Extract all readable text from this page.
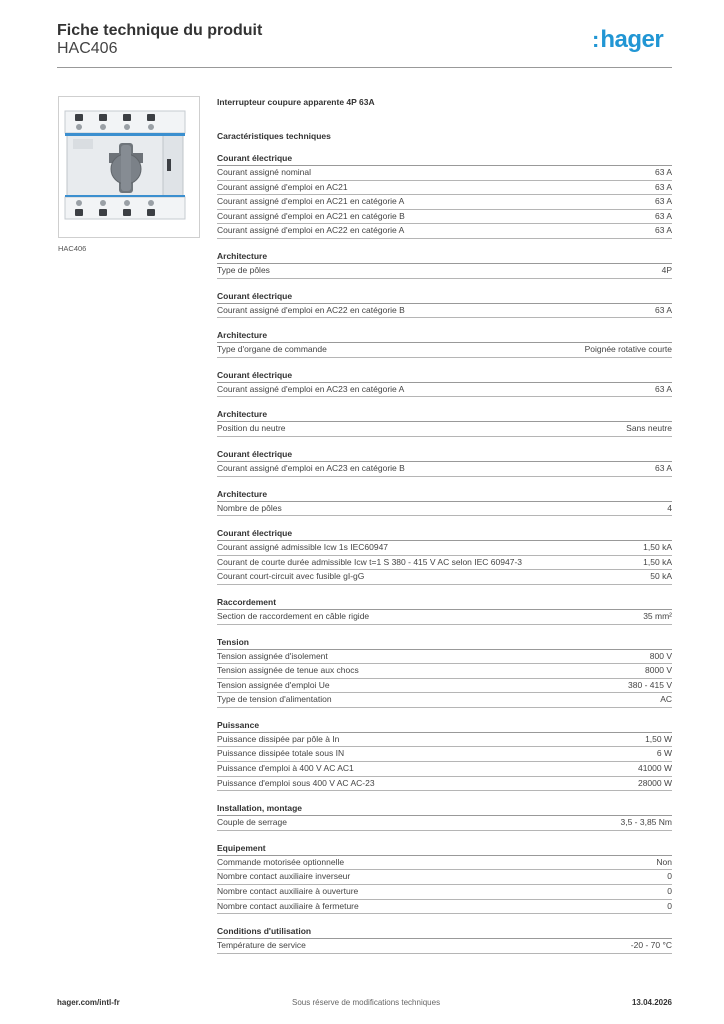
Fiche technique du produit
HAC406	:hager
HAC406
Interrupteur coupure apparente 4P 63A
Caractéristiques techniques
Courant électrique
Courant assigné nominal	63 A
Courant assigné d'emploi en AC21	63 A
Courant assigné d'emploi en AC21 en catégorie A	63 A
Courant assigné d'emploi en AC21 en catégorie B	63 A
Courant assigné d'emploi en AC22 en catégorie A	63 A
Architecture
Type de pôles	4P
Courant électrique
Courant assigné d'emploi en AC22 en catégorie B	63 A
Architecture
Type d'organe de commande	Poignée rotative courte
Courant électrique
Courant assigné d'emploi en AC23 en catégorie A	63 A
Architecture
Position du neutre	Sans neutre
Courant électrique
Courant assigné d'emploi en AC23 en catégorie B	63 A
Architecture
Nombre de pôles	4
Courant électrique
Courant assigné admissible Icw 1s IEC60947	1,50 kA
Courant de courte durée admissible Icw t=1 S 380 - 415 V AC selon IEC 60947-3	1,50 kA
Courant court-circuit avec fusible gI-gG	50 kA
Raccordement
Section de raccordement en câble rigide	35 mm²
Tension
Tension assignée d'isolement	800 V
Tension assignée de tenue aux chocs	8000 V
Tension assignée d'emploi Ue	380 - 415 V
Type de tension d'alimentation	AC
Puissance
Puissance dissipée par pôle à In	1,50 W
Puissance dissipée totale sous IN	6 W
Puissance d'emploi à 400 V AC AC1	41000 W
Puissance d'emploi sous 400 V AC AC-23	28000 W
Installation, montage
Couple de serrage	3,5 - 3,85 Nm
Equipement
Commande motorisée optionnelle	Non
Nombre contact auxiliaire inverseur	0
Nombre contact auxiliaire à ouverture	0
Nombre contact auxiliaire à fermeture	0
Conditions d'utilisation
Température de service	-20 - 70 °C
hager.com/intl-fr	Sous réserve de modifications techniques	13.04.2026
